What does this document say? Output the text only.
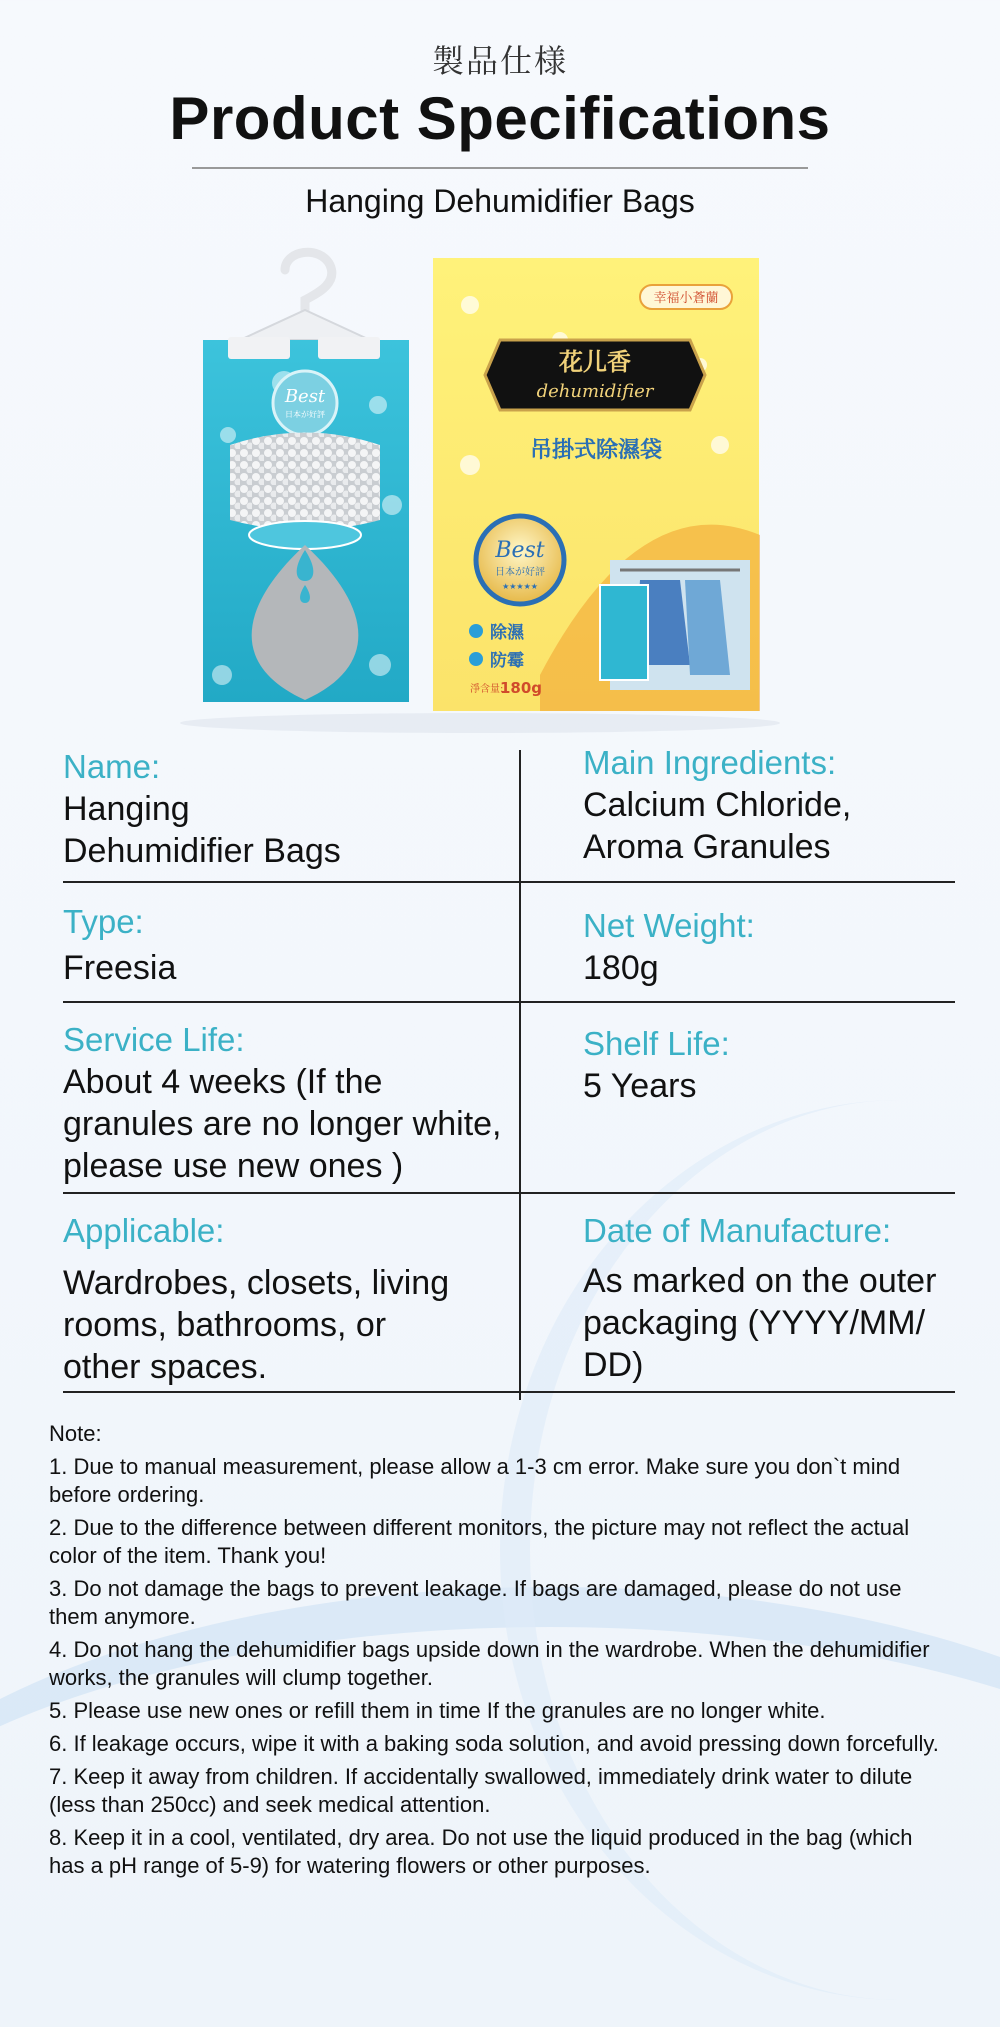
製品仕様
Product Specifications
Hanging Dehumidifier Bags
Best
日本が好評
幸福小蒼蘭
花儿香
dehumidifier
吊掛式除濕袋
Best
日本が好評
★★★★★
除濕
防霉
淨含量:
180g
Name:
Hanging
Dehumidifier Bags
Main Ingredients:
Calcium Chloride,
Aroma Granules
Type:
Freesia
Net Weight:
180g
Service Life:
About 4 weeks (If the
granules are no longer white,
please use new ones )
Shelf Life:
5 Years
Applicable:
Wardrobes, closets, living
rooms, bathrooms, or
other spaces.
Date of Manufacture:
As marked on the outer
packaging (YYYY/MM/
DD)

Note:

1. Due to manual measurement, please allow a 1-3 cm error. Make sure you don`t mind before ordering.

2. Due to the difference between different monitors, the picture may not reflect the actual color of the item. Thank you!

3. Do not damage the bags to prevent leakage. If bags are damaged, please do not use them anymore.

4. Do not hang the dehumidifier bags upside down in the wardrobe. When the dehumidifier works, the granules will clump together.

5. Please use new ones or refill them in time If the granules are no longer white.

6. If leakage occurs, wipe it with a baking soda solution, and avoid pressing down forcefully.

7. Keep it away from children. If accidentally swallowed, immediately drink water to dilute (less than 250cc) and seek medical attention.

8. Keep it in a cool, ventilated, dry area. Do not use the liquid produced in the bag (which has a pH range of 5-9) for watering flowers or other purposes.
